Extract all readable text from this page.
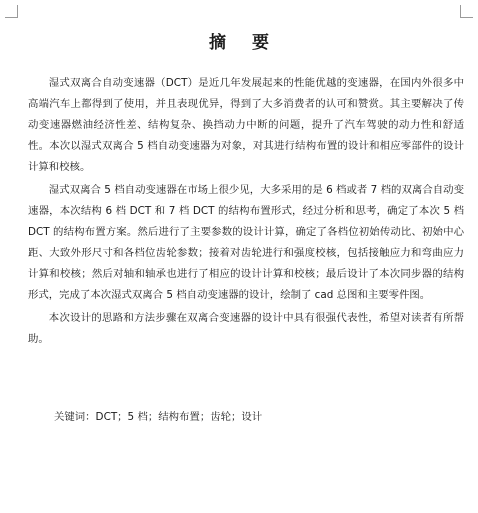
摘 要

湿式双离合自动变速器（DCT）是近几年发展起来的性能优越的变速器，在国内外很多中高端汽车上都得到了使用，并且表现优异，得到了大多消费者的认可和赞赏。其主要解决了传动变速器燃油经济性差、结构复杂、换挡动力中断的问题，提升了汽车驾驶的动力性和舒适性。本次以湿式双离合 5 档自动变速器为对象，对其进行结构布置的设计和相应零部件的设计计算和校核。

湿式双离合 5 档自动变速器在市场上很少见，大多采用的是 6 档或者 7 档的双离合自动变速器，本次结构 6 档 DCT 和 7 档 DCT 的结构布置形式，经过分析和思考，确定了本次 5 档 DCT 的结构布置方案。然后进行了主要参数的设计计算，确定了各档位初始传动比、初始中心距、大致外形尺寸和各档位齿轮参数；接着对齿轮进行和强度校核，包括接触应力和弯曲应力计算和校核；然后对轴和轴承也进行了相应的设计计算和校核；最后设计了本次同步器的结构形式，完成了本次湿式双离合 5 档自动变速器的设计，绘制了 cad 总图和主要零件图。

本次设计的思路和方法步骤在双离合变速器的设计中具有很强代表性，希望对读者有所帮助。

关键词：DCT；5 档；结构布置；齿轮；设计
